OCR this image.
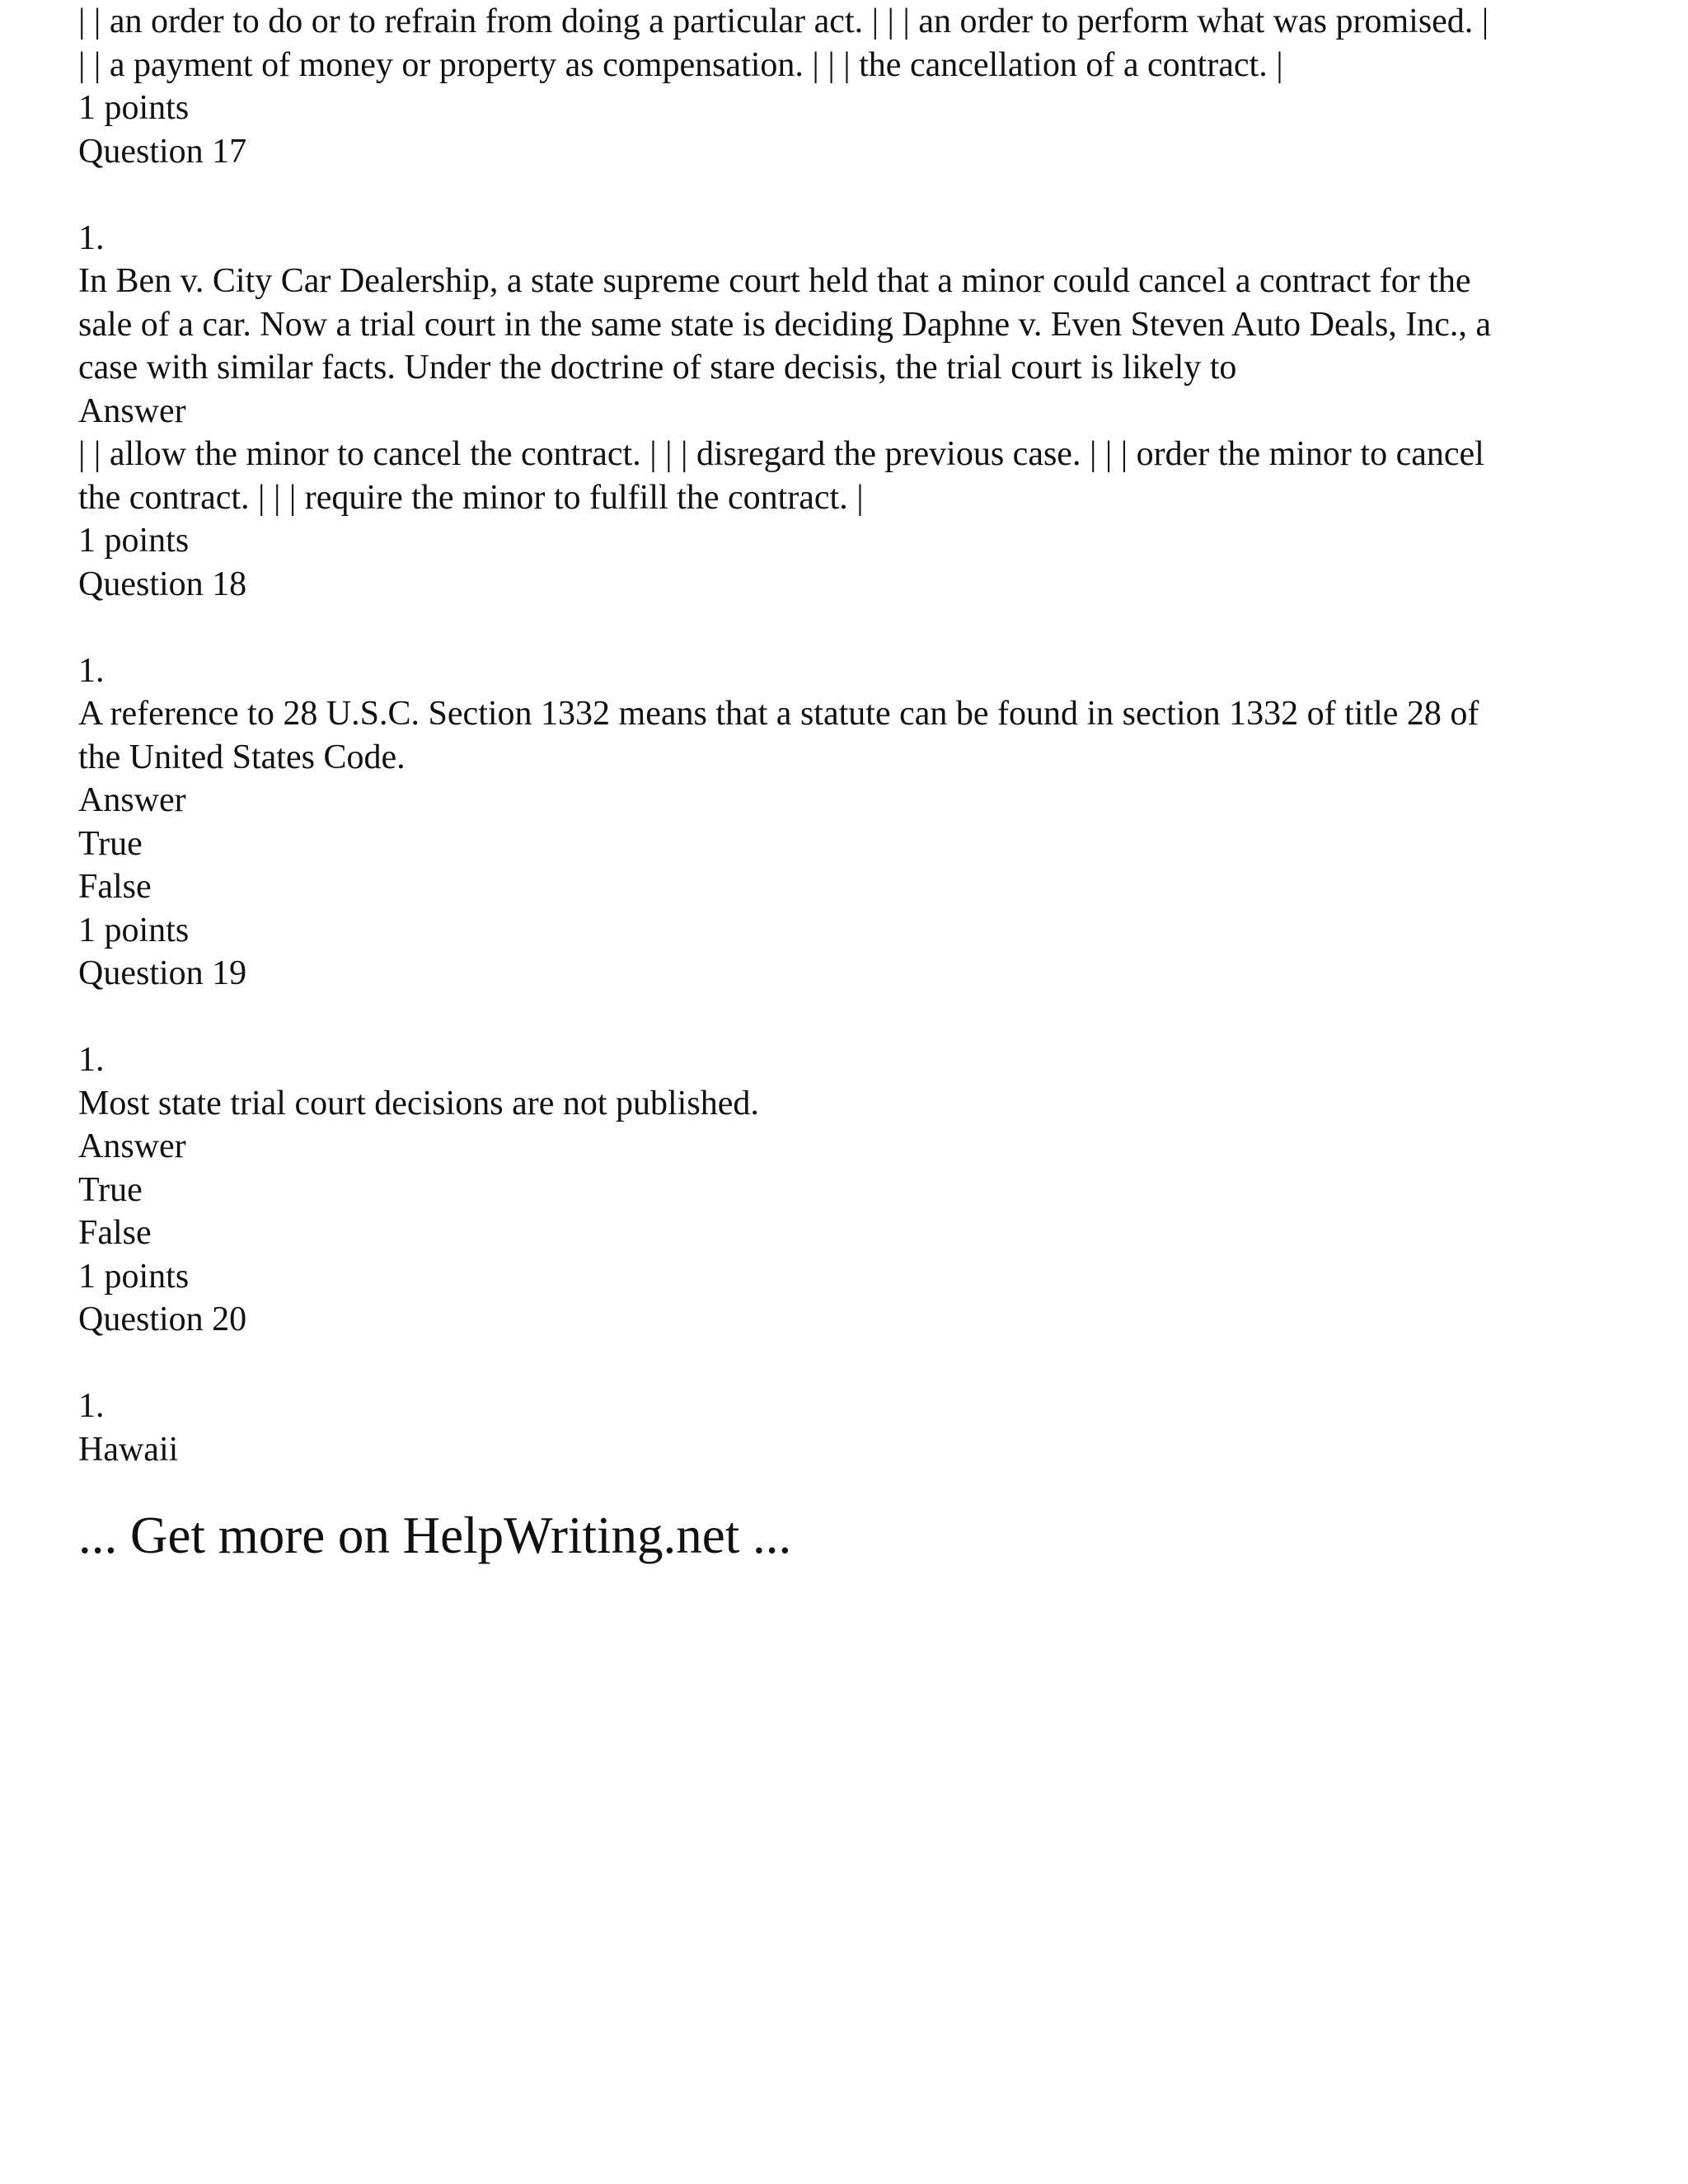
| | an order to do or to refrain from doing a particular act. | | | an order to perform what was promised. |
| | a payment of money or property as compensation. | | | the cancellation of a contract. |
1 points
Question 17
1.
In Ben v. City Car Dealership, a state supreme court held that a minor could cancel a contract for the
sale of a car. Now a trial court in the same state is deciding Daphne v. Even Steven Auto Deals, Inc., a
case with similar facts. Under the doctrine of stare decisis, the trial court is likely to
Answer
| | allow the minor to cancel the contract. | | | disregard the previous case. | | | order the minor to cancel
the contract. | | | require the minor to fulfill the contract. |
1 points
Question 18
1.
A reference to 28 U.S.C. Section 1332 means that a statute can be found in section 1332 of title 28 of
the United States Code.
Answer
True
False
1 points
Question 19
1.
Most state trial court decisions are not published.
Answer
True
False
1 points
Question 20
1.
Hawaii
... Get more on HelpWriting.net ...
